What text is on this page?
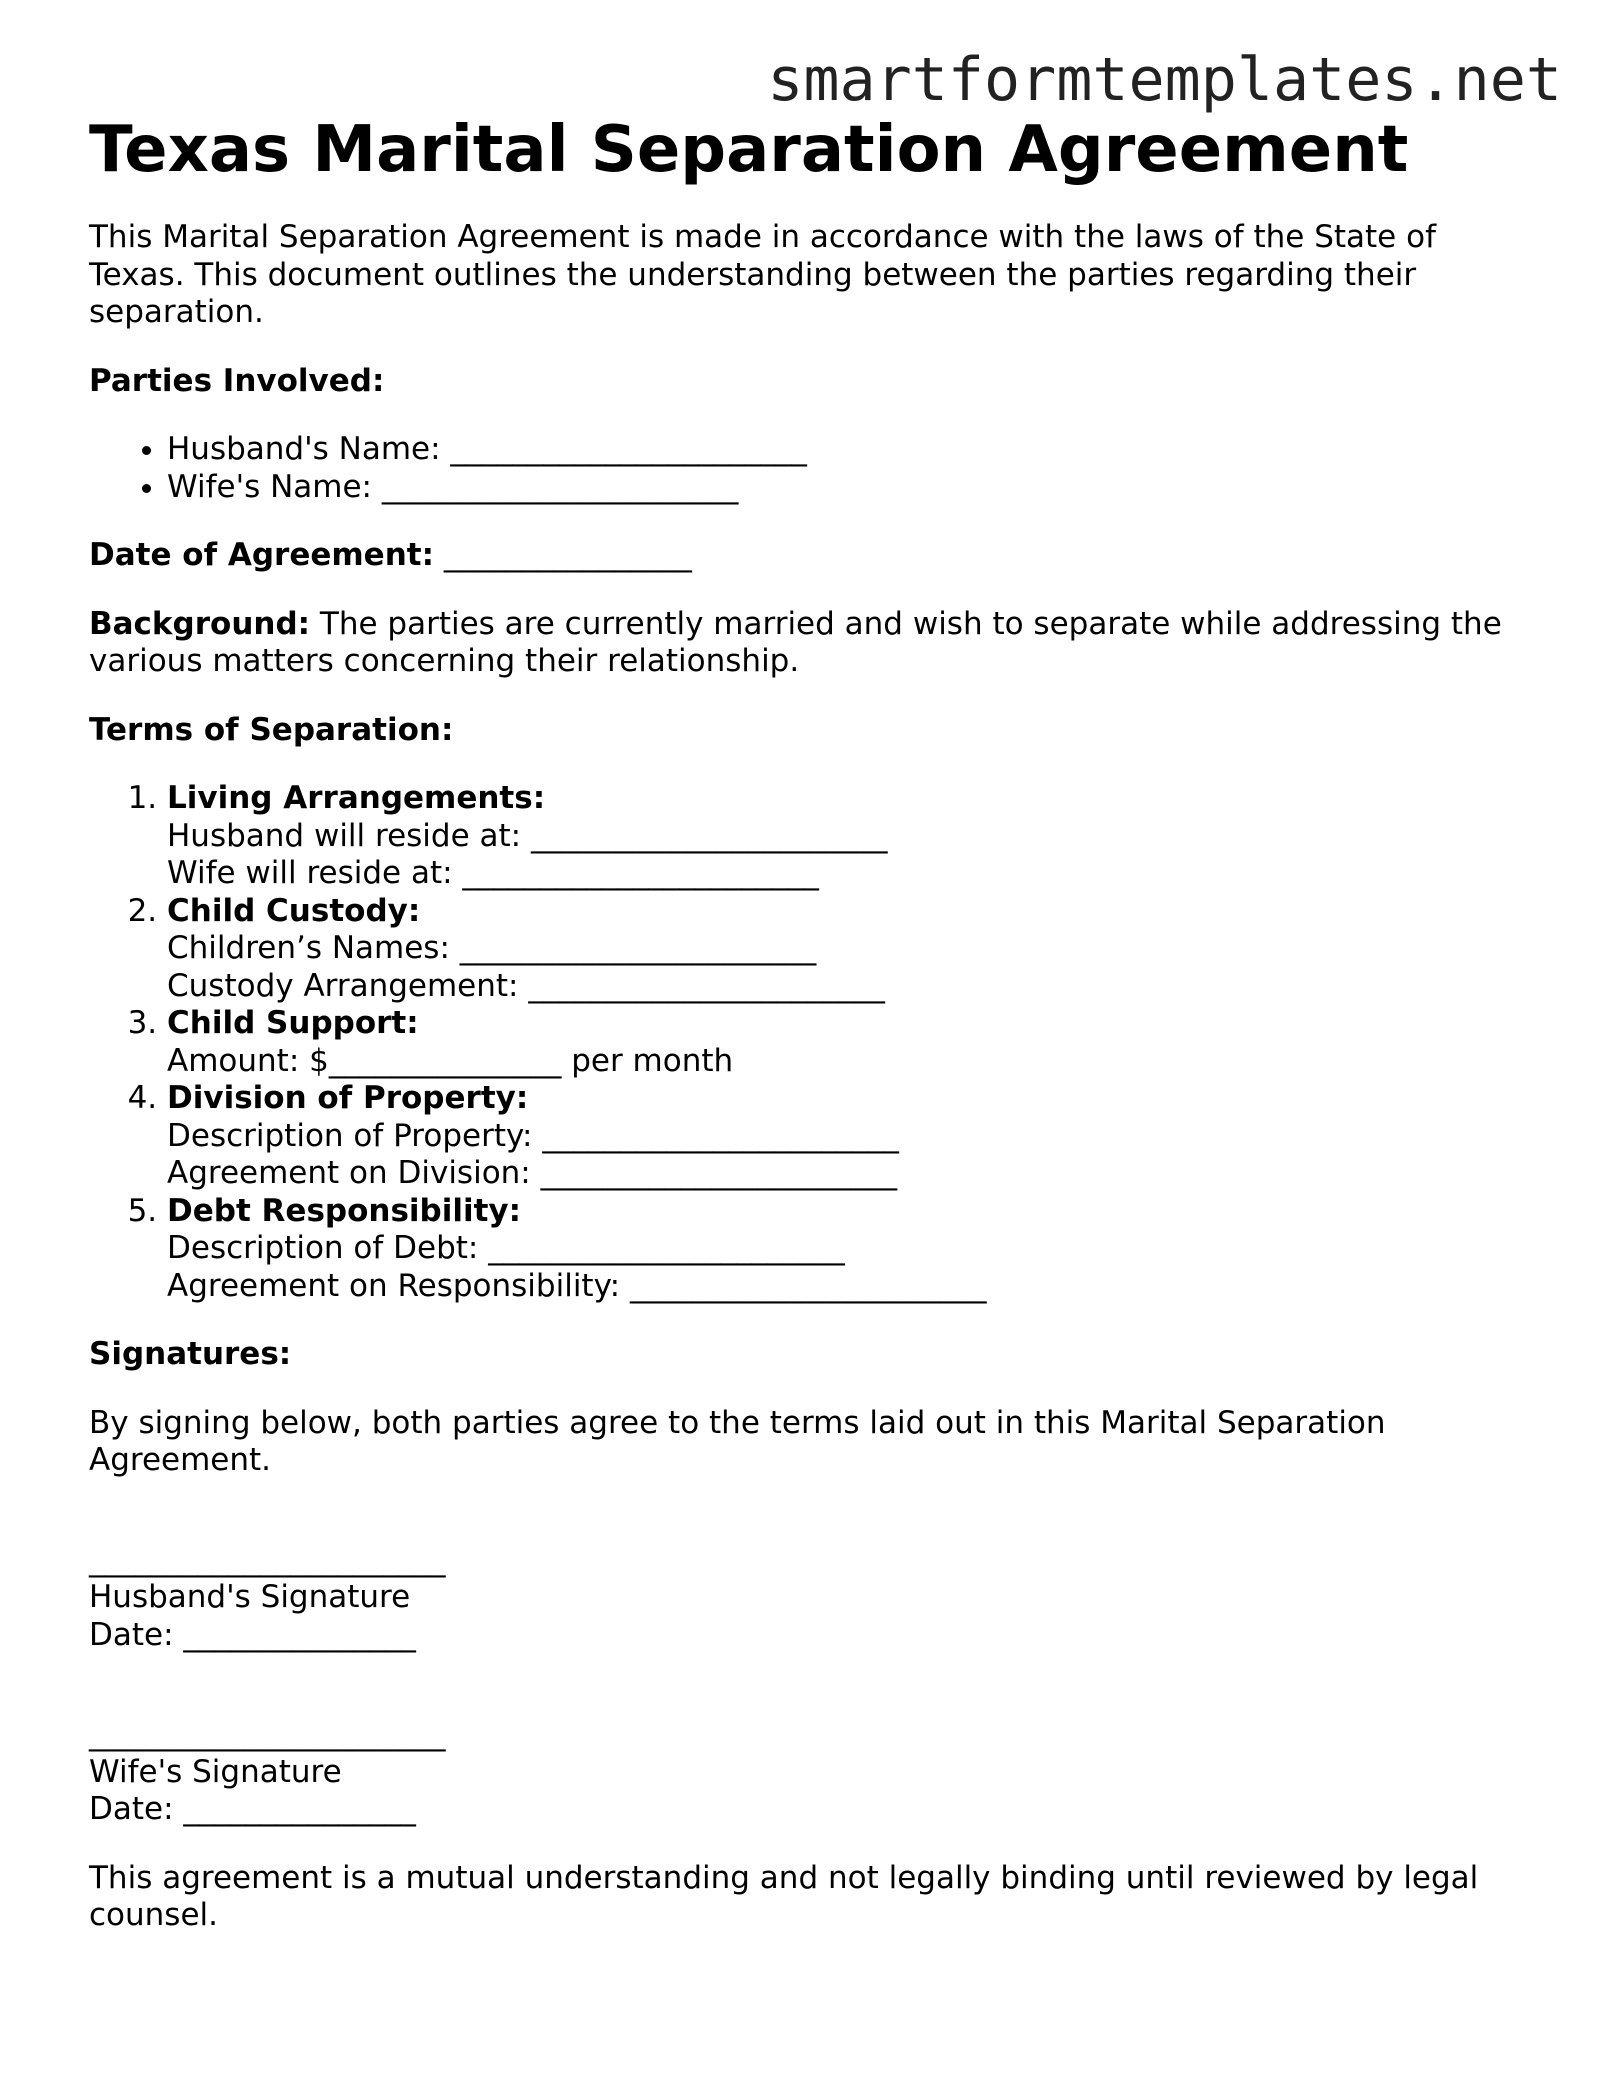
smartformtemplates.net
Texas Marital Separation Agreement

This Marital Separation Agreement is made in accordance with the laws of the State of Texas. This document outlines the understanding between the parties regarding their separation.

Parties Involved:

• Husband's Name: _______________________
• Wife's Name: _______________________

Date of Agreement: ________________

Background: The parties are currently married and wish to separate while addressing the various matters concerning their relationship.

Terms of Separation:

1. Living Arrangements:
Husband will reside at: _______________________
Wife will reside at: _______________________
2. Child Custody:
Children’s Names: _______________________
Custody Arrangement: _______________________
3. Child Support:
Amount: $_______________ per month
4. Division of Property:
Description of Property: _______________________
Agreement on Division: _______________________
5. Debt Responsibility:
Description of Debt: _______________________
Agreement on Responsibility: _______________________

Signatures:

By signing below, both parties agree to the terms laid out in this Marital Separation Agreement.

_______________________
Husband's Signature
Date: _______________
_______________________
Wife's Signature
Date: _______________

This agreement is a mutual understanding and not legally binding until reviewed by legal counsel.
